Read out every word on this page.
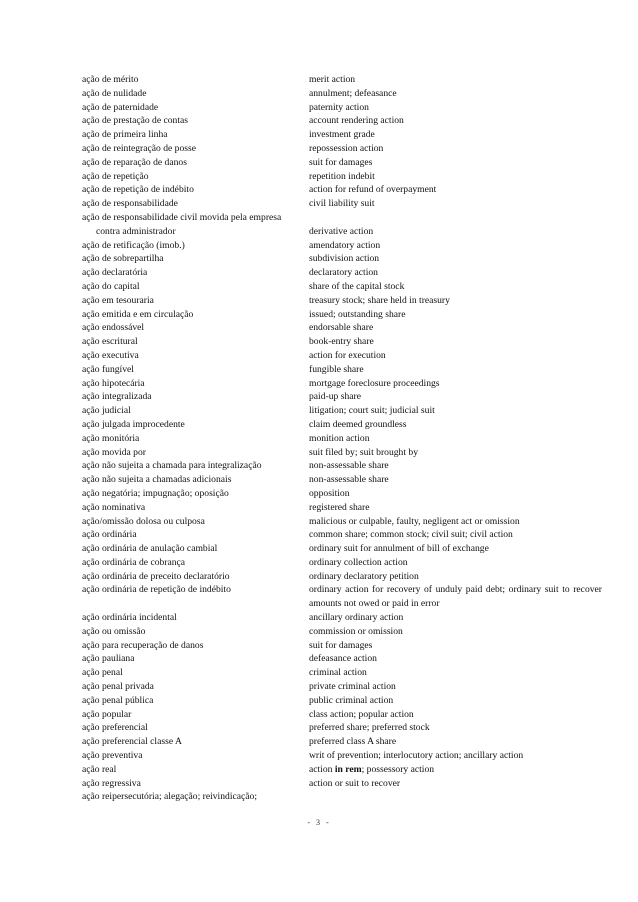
ação de mérito	merit action
ação de nulidade	annulment; defeasance
ação de paternidade	paternity action
ação de prestação de contas	account rendering action
ação de primeira linha	investment grade
ação de reintegração de posse	repossession action
ação de reparação de danos	suit for damages
ação de repetição	repetition indebit
ação de repetição de indébito	action for refund of overpayment
ação de responsabilidade	civil liability suit
ação de responsabilidade civil movida pela empresa
contra administrador	derivative action
ação de retificação (imob.)	amendatory action
ação de sobrepartilha	subdivision action
ação declaratória	declaratory action
ação do capital	share of the capital stock
ação em tesouraria	treasury stock; share held in treasury
ação emitida e em circulação	issued; outstanding share
ação endossável	endorsable share
ação escritural	book-entry share
ação executiva	action for execution
ação fungível	fungible share
ação hipotecária	mortgage foreclosure proceedings
ação integralizada	paid-up share
ação judicial	litigation; court suit; judicial suit
ação julgada improcedente	claim deemed groundless
ação monitória	monition action
ação movida por	suit filed by; suit brought by
ação não sujeita a chamada para integralização	non-assessable share
ação não sujeita a chamadas adicionais	non-assessable share
ação negatória; impugnação; oposição	opposition
ação nominativa	registered share
ação/omissão dolosa ou culposa	malicious or culpable, faulty, negligent act or omission
ação ordinária	common share; common stock; civil suit; civil action
ação ordinária de anulação cambial	ordinary suit for annulment of bill of exchange
ação ordinária de cobrança	ordinary collection action
ação ordinária de preceito declaratório	ordinary declaratory petition
ação ordinária de repetição de indébito	ordinary action for recovery of unduly paid debt; ordinary suit to recover amounts not owed or paid in error
ação ordinária incidental	ancillary ordinary action
ação ou omissão	commission or omission
ação para recuperação de danos	suit for damages
ação pauliana	defeasance action
ação penal	criminal action
ação penal privada	private criminal action
ação penal pública	public criminal action
ação popular	class action; popular action
ação preferencial	preferred share; preferred stock
ação preferencial classe A	preferred class A share
ação preventiva	writ of prevention; interlocutory action; ancillary action
ação real	action in rem; possessory action
ação regressiva	action or suit to recover
ação reipersecutória; alegação; reivindicação;
- 3 -
